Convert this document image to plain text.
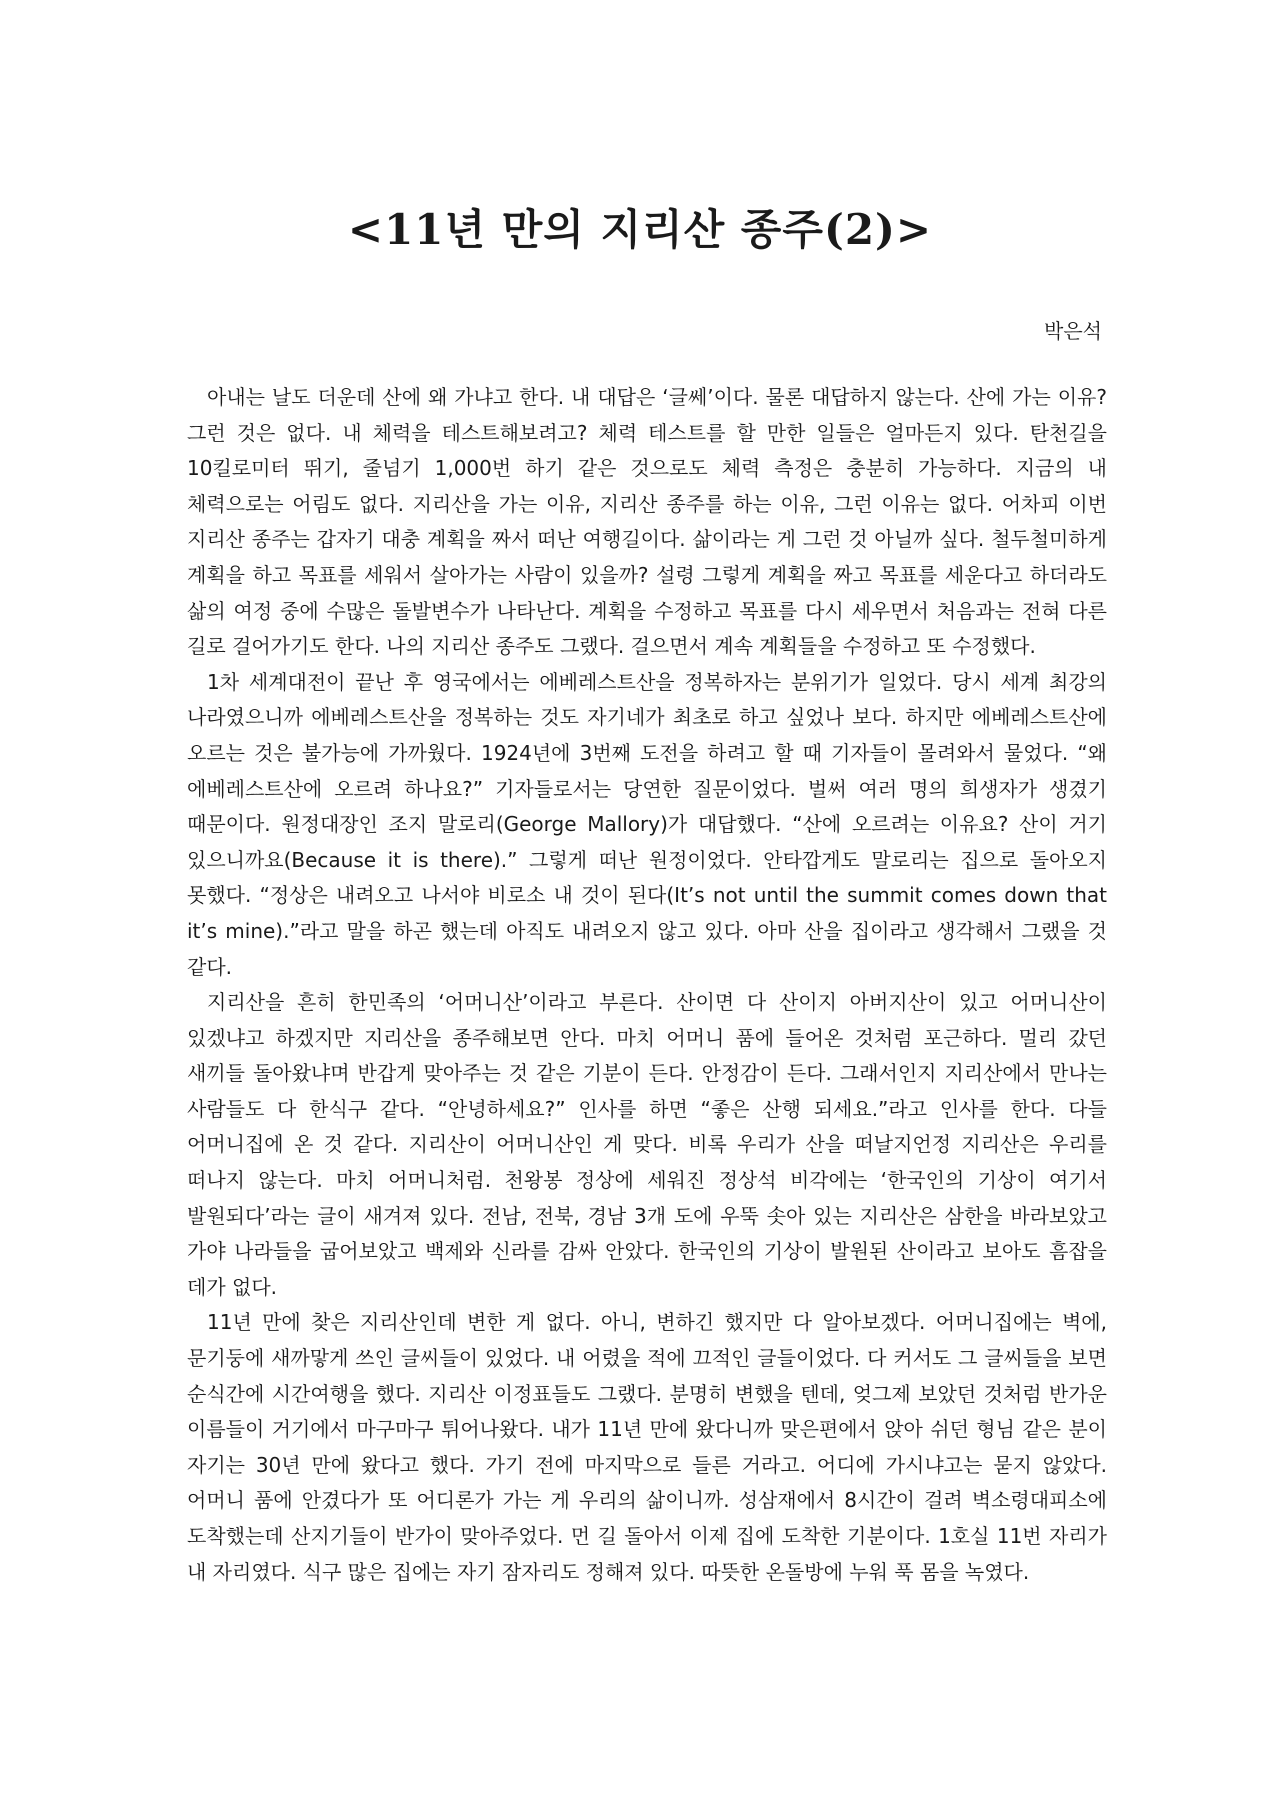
<11년 만의 지리산 종주(2)>
박은석

아내는 날도 더운데 산에 왜 가냐고 한다. 내 대답은 ‘글쎄’이다. 물론 대답하지 않는다. 산에 가는 이유? 그런 것은 없다. 내 체력을 테스트해보려고? 체력 테스트를 할 만한 일들은 얼마든지 있다. 탄천길을 10킬로미터 뛰기, 줄넘기 1,000번 하기 같은 것으로도 체력 측정은 충분히 가능하다. 지금의 내 체력으로는 어림도 없다. 지리산을 가는 이유, 지리산 종주를 하는 이유, 그런 이유는 없다. 어차피 이번 지리산 종주는 갑자기 대충 계획을 짜서 떠난 여행길이다. 삶이라는 게 그런 것 아닐까 싶다. 철두철미하게 계획을 하고 목표를 세워서 살아가는 사람이 있을까? 설령 그렇게 계획을 짜고 목표를 세운다고 하더라도 삶의 여정 중에 수많은 돌발변수가 나타난다. 계획을 수정하고 목표를 다시 세우면서 처음과는 전혀 다른 길로 걸어가기도 한다. 나의 지리산 종주도 그랬다. 걸으면서 계속 계획들을 수정하고 또 수정했다.

1차 세계대전이 끝난 후 영국에서는 에베레스트산을 정복하자는 분위기가 일었다. 당시 세계 최강의 나라였으니까 에베레스트산을 정복하는 것도 자기네가 최초로 하고 싶었나 보다. 하지만 에베레스트산에 오르는 것은 불가능에 가까웠다. 1924년에 3번째 도전을 하려고 할 때 기자들이 몰려와서 물었다. “왜 에베레스트산에 오르려 하나요?” 기자들로서는 당연한 질문이었다. 벌써 여러 명의 희생자가 생겼기 때문이다. 원정대장인 조지 말로리(George Mallory)가 대답했다. “산에 오르려는 이유요? 산이 거기 있으니까요(Because it is there).” 그렇게 떠난 원정이었다. 안타깝게도 말로리는 집으로 돌아오지 못했다. “정상은 내려오고 나서야 비로소 내 것이 된다(It’s not until the summit comes down that it’s mine).”라고 말을 하곤 했는데 아직도 내려오지 않고 있다. 아마 산을 집이라고 생각해서 그랬을 것 같다.

지리산을 흔히 한민족의 ‘어머니산’이라고 부른다. 산이면 다 산이지 아버지산이 있고 어머니산이 있겠냐고 하겠지만 지리산을 종주해보면 안다. 마치 어머니 품에 들어온 것처럼 포근하다. 멀리 갔던 새끼들 돌아왔냐며 반갑게 맞아주는 것 같은 기분이 든다. 안정감이 든다. 그래서인지 지리산에서 만나는 사람들도 다 한식구 같다. “안녕하세요?” 인사를 하면 “좋은 산행 되세요.”라고 인사를 한다. 다들 어머니집에 온 것 같다. 지리산이 어머니산인 게 맞다. 비록 우리가 산을 떠날지언정 지리산은 우리를 떠나지 않는다. 마치 어머니처럼. 천왕봉 정상에 세워진 정상석 비각에는 ‘한국인의 기상이 여기서 발원되다’라는 글이 새겨져 있다. 전남, 전북, 경남 3개 도에 우뚝 솟아 있는 지리산은 삼한을 바라보았고 가야 나라들을 굽어보았고 백제와 신라를 감싸 안았다. 한국인의 기상이 발원된 산이라고 보아도 흠잡을 데가 없다.

11년 만에 찾은 지리산인데 변한 게 없다. 아니, 변하긴 했지만 다 알아보겠다. 어머니집에는 벽에, 문기둥에 새까맣게 쓰인 글씨들이 있었다. 내 어렸을 적에 끄적인 글들이었다. 다 커서도 그 글씨들을 보면 순식간에 시간여행을 했다. 지리산 이정표들도 그랬다. 분명히 변했을 텐데, 엊그제 보았던 것처럼 반가운 이름들이 거기에서 마구마구 튀어나왔다. 내가 11년 만에 왔다니까 맞은편에서 앉아 쉬던 형님 같은 분이 자기는 30년 만에 왔다고 했다. 가기 전에 마지막으로 들른 거라고. 어디에 가시냐고는 묻지 않았다. 어머니 품에 안겼다가 또 어디론가 가는 게 우리의 삶이니까. 성삼재에서 8시간이 걸려 벽소령대피소에 도착했는데 산지기들이 반가이 맞아주었다. 먼 길 돌아서 이제 집에 도착한 기분이다. 1호실 11번 자리가 내 자리였다. 식구 많은 집에는 자기 잠자리도 정해져 있다. 따뜻한 온돌방에 누워 푹 몸을 녹였다.
